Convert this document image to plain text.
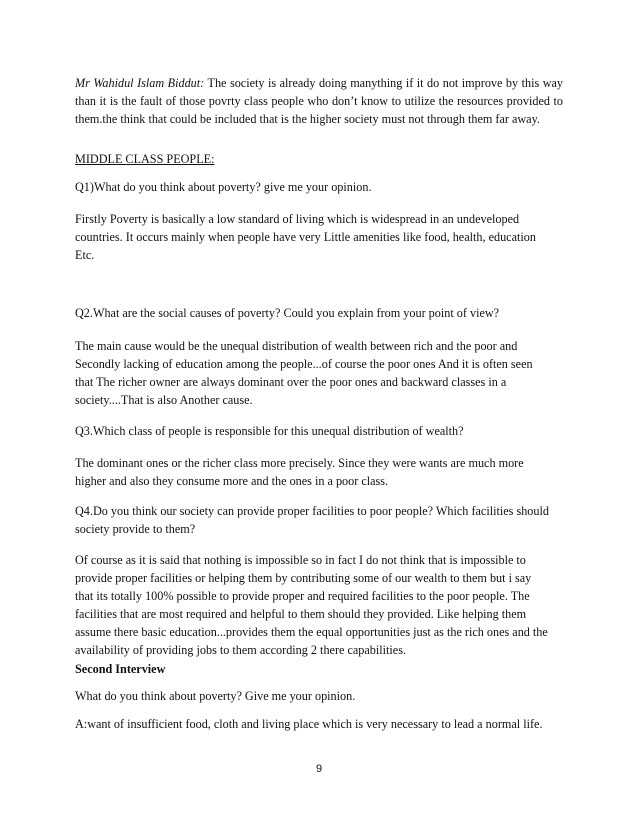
Mr Wahidul Islam Biddut: The society is already doing manything if it do not improve by this way than it is the fault of those povrty class people who don’t know to utilize the resources provided to them.the think that could be included that is the higher society must not through them far away.

MIDDLE CLASS PEOPLE:

Q1)What do you think about poverty? give me your opinion.

Firstly Poverty is basically a low standard of living which is widespread in an undeveloped
countries. It occurs mainly when people have very Little amenities like food, health, education
Etc.

Q2.What are the social causes of poverty? Could you explain from your point of view?

The main cause would be the unequal distribution of wealth between rich and the poor and
Secondly lacking of education among the people...of course the poor ones And it is often seen
that The richer owner are always dominant over the poor ones and backward classes in a
society....That is also Another cause.

Q3.Which class of people is responsible for this unequal distribution of wealth?

The dominant ones or the richer class more precisely. Since they were wants are much more
higher and also they consume more and the ones in a poor class.

Q4.Do you think our society can provide proper facilities to poor people? Which facilities should
society provide to them?

Of course as it is said that nothing is impossible so in fact I do not think that is impossible to
provide proper facilities or helping them by contributing some of our wealth to them but i say
that its totally 100% possible to provide proper and required facilities to the poor people. The
facilities that are most required and helpful to them should they provided. Like helping them
assume there basic education...provides them the equal opportunities just as the rich ones and the
availability of providing jobs to them according 2 there capabilities.

Second Interview

What do you think about poverty? Give me your opinion.

A:want of insufficient food, cloth and living place which is very necessary to lead a normal life.

9
